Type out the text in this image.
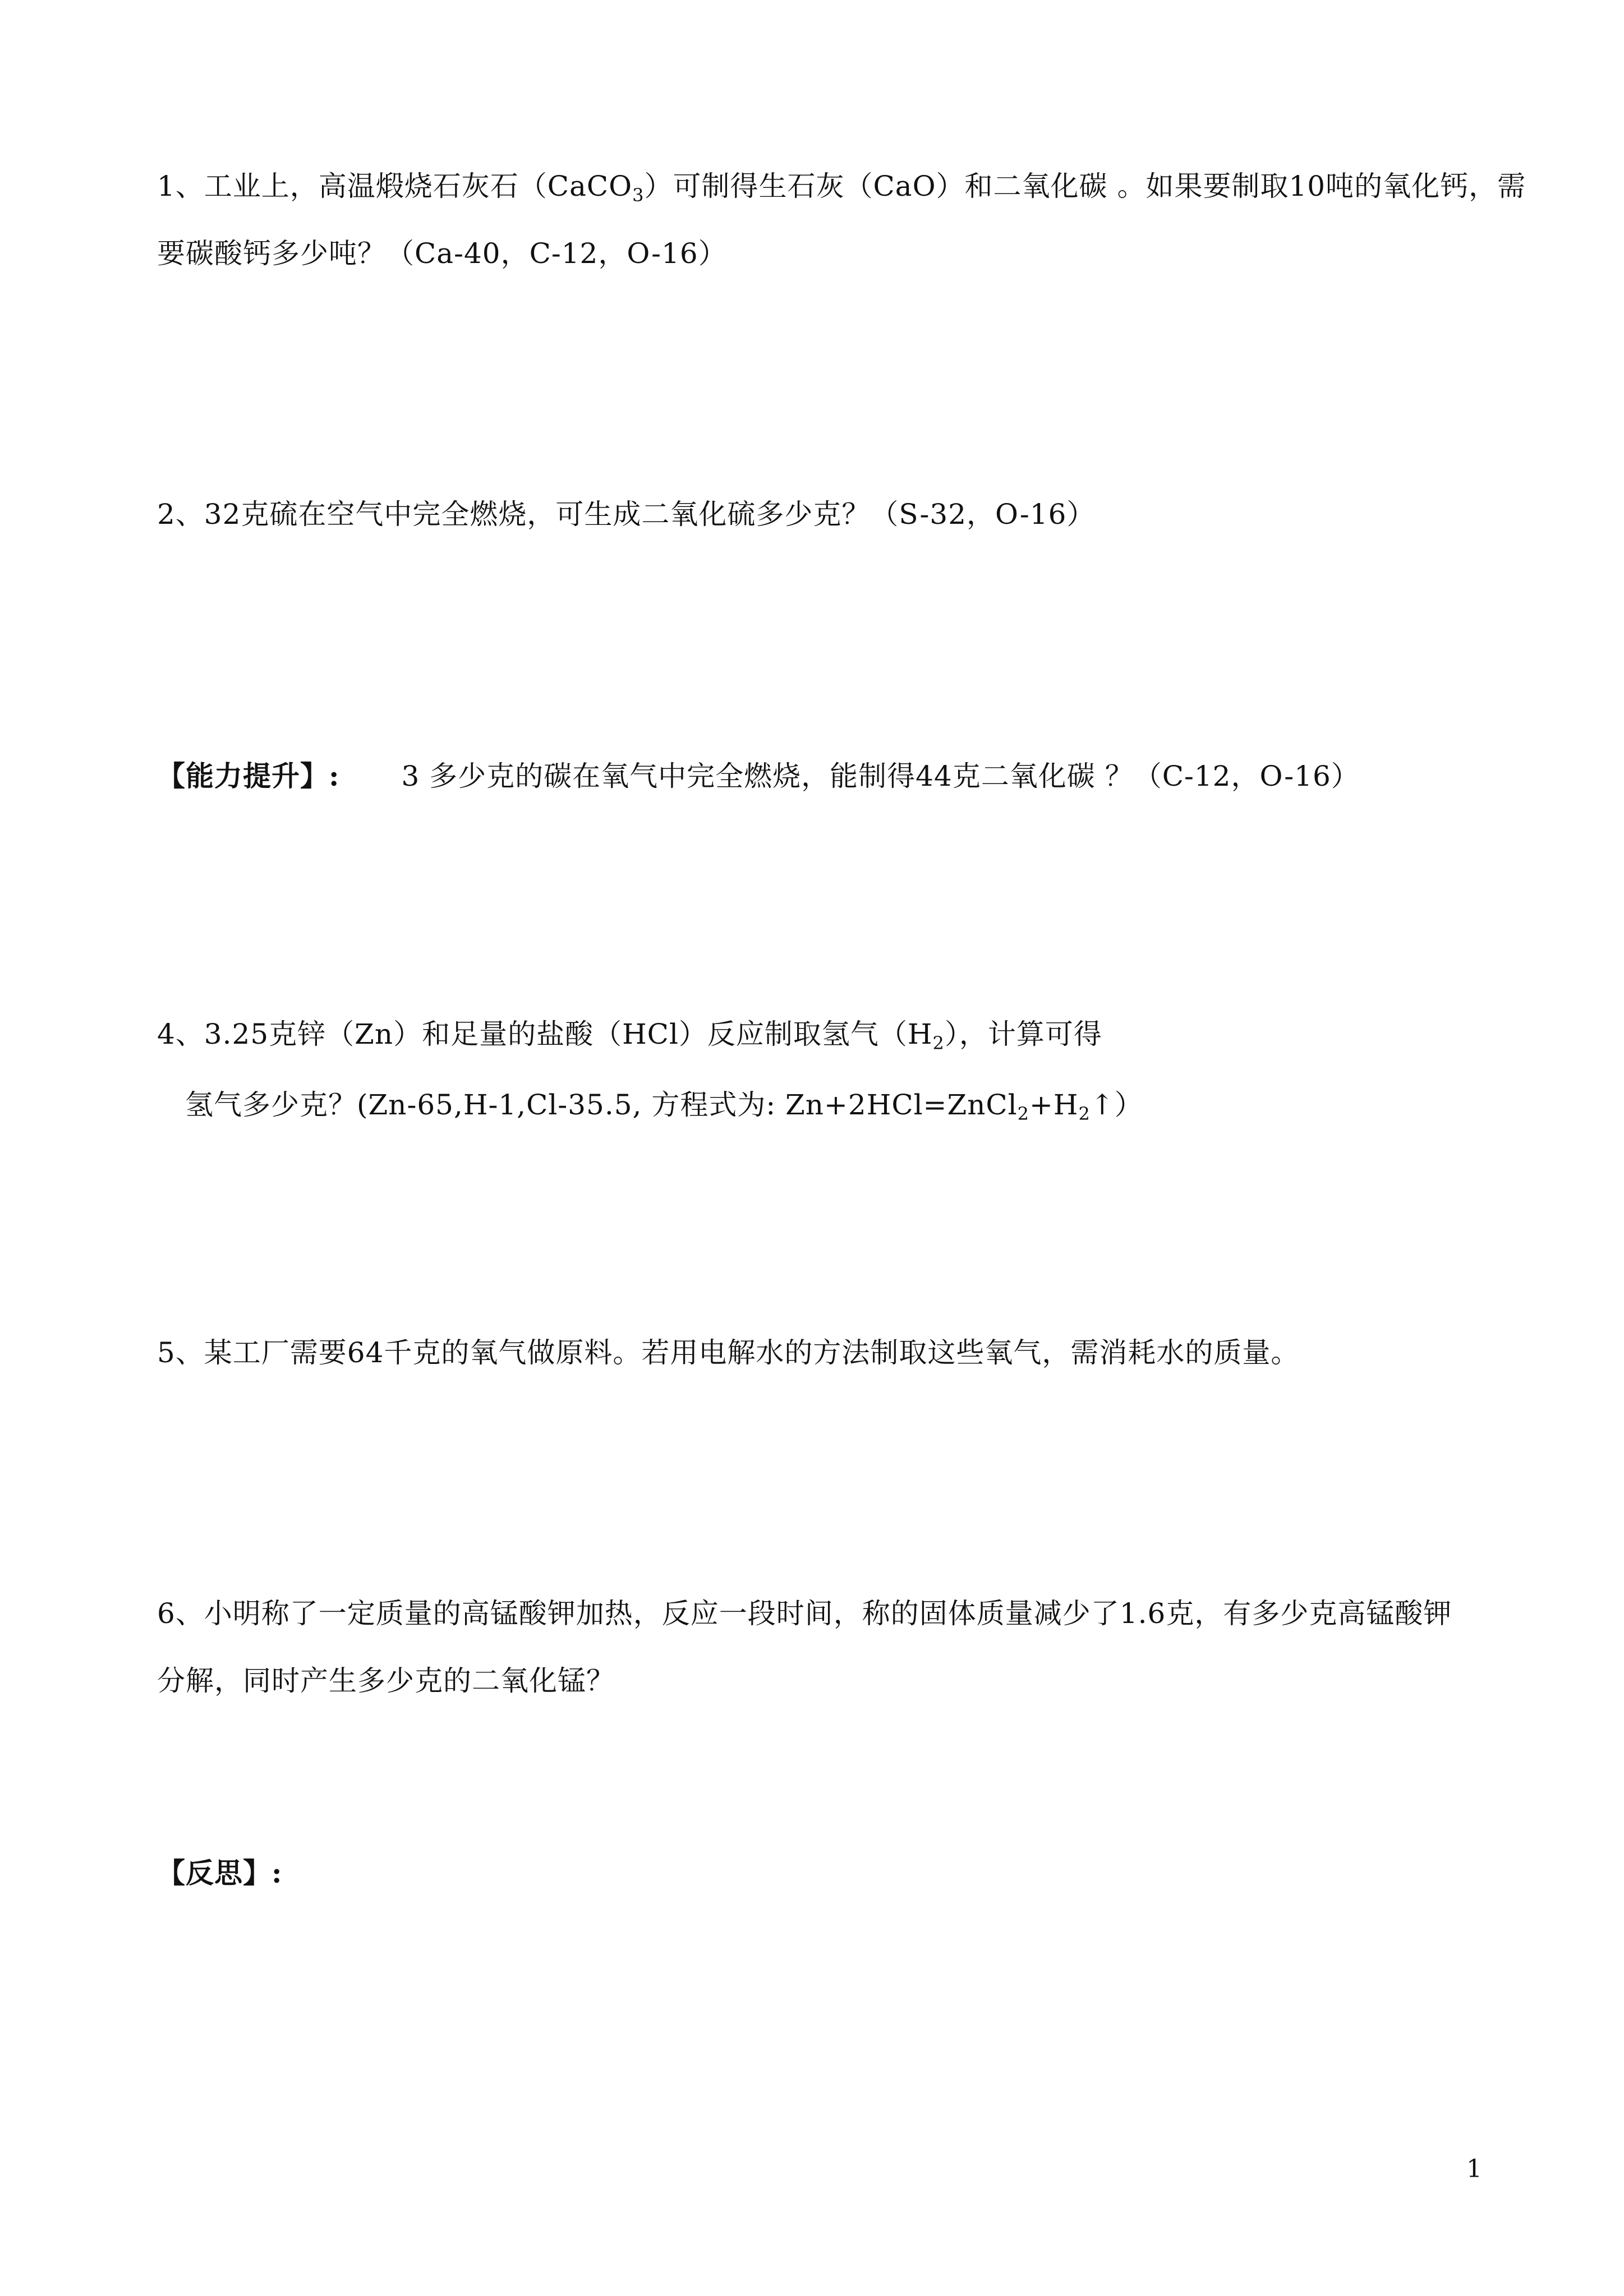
1、工业上，高温煅烧石灰石（CaCO$_3$）可制得生石灰（CaO）和二氧化碳 。如果要制取10吨的氧化钙，需
要碳酸钙多少吨？（Ca-40，C-12，O-16）
2、32克硫在空气中完全燃烧，可生成二氧化硫多少克？（S-32，O-16）
【能力提升】: 3 多少克的碳在氧气中完全燃烧，能制得44克二氧化碳 ？（C-12，O-16）
4、3.25克锌（Zn）和足量的盐酸（HCl）反应制取氢气$(H_2)$，计算可得
氢气多少克？(Zn-65,H-1,Cl-35.5, 方程式为: $Zn+2HCl=ZnCl_2+H_2↑$）
5、某工厂需要64千克的氧气做原料。若用电解水的方法制取这些氧气，需消耗水的质量。
6、小明称了一定质量的高锰酸钾加热，反应一段时间，称的固体质量减少了1.6克，有多少克高锰酸钾
分解，同时产生多少克的二氧化锰？
【反思】:
1
